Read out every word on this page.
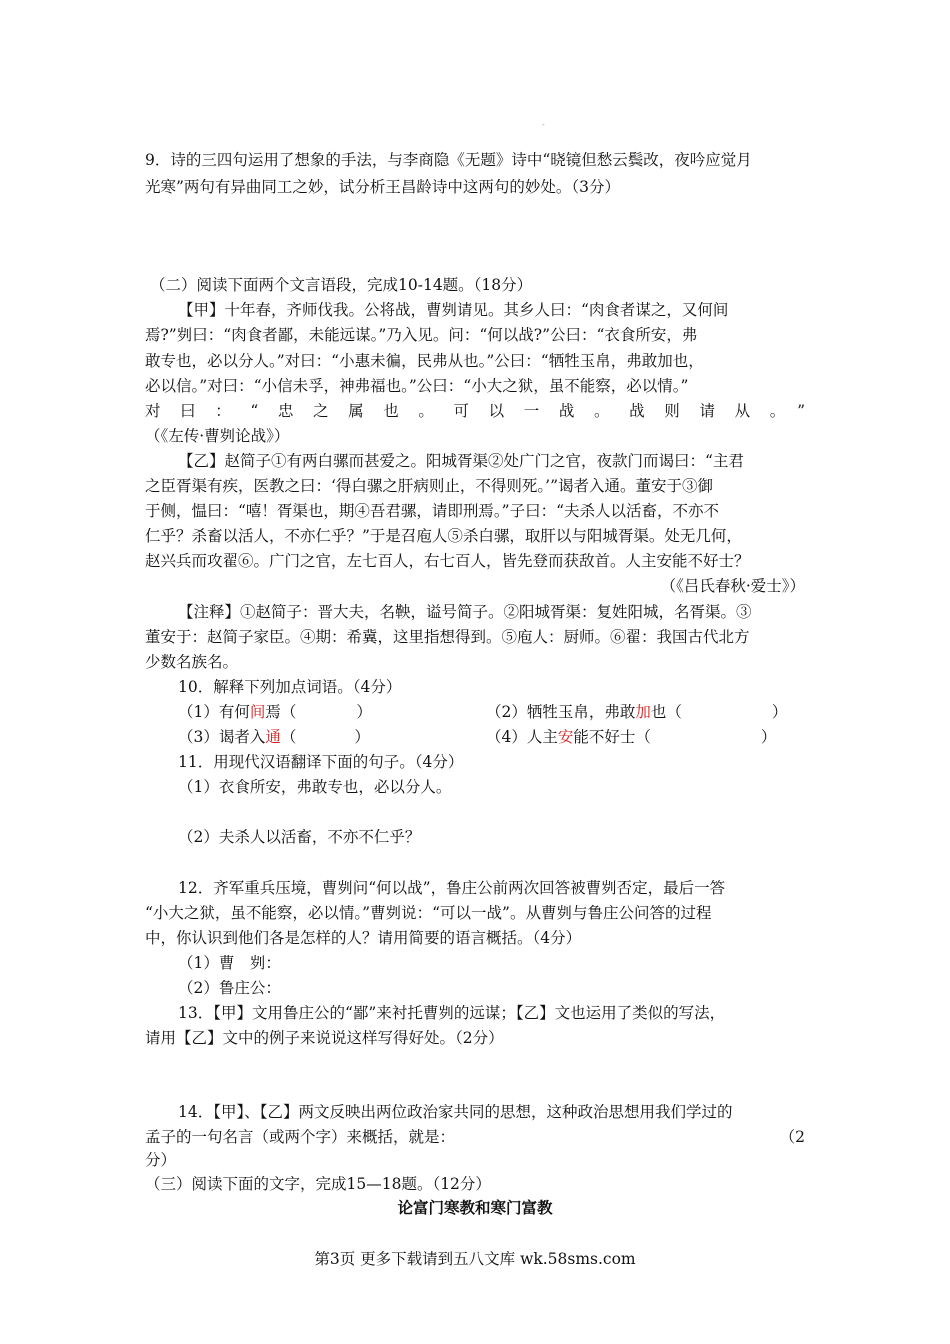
-
9．诗的三四句运用了想象的手法，与李商隐《无题》诗中“晓镜但愁云鬓改，夜吟应觉月
光寒”两句有异曲同工之妙，试分析王昌龄诗中这两句的妙处。（3分）
（二）阅读下面两个文言语段，完成10-14题。（18分）
【甲】十年春，齐师伐我。公将战，曹刿请见。其乡人曰：“肉食者谋之，又何间
焉?”刿曰：“肉食者鄙，未能远谋。”乃入见。问：“何以战?”公曰：“衣食所安，弗
敢专也，必以分人。”对曰：“小惠未徧，民弗从也。”公曰：“牺牲玉帛，弗敢加也，
必以信。”对曰：“小信未孚，神弗福也。”公曰：“小大之狱，虽不能察，必以情。”
对曰：“忠之属也。可以一战。战则请从。”
（《左传·曹刿论战》）
【乙】赵简子①有两白骡而甚爱之。阳城胥渠②处广门之官，夜款门而谒曰：“主君
之臣胥渠有疾，医教之曰：‘得白骡之肝病则止，不得则死。’”谒者入通。董安于③御
于侧，愠曰：“嘻！胥渠也，期④吾君骡，请即刑焉。”子曰：“夫杀人以活畜，不亦不
仁乎？杀畜以活人，不亦仁乎？”于是召庖人⑤杀白骡，取肝以与阳城胥渠。处无几何，
赵兴兵而攻翟⑥。广门之官，左七百人，右七百人，皆先登而获敌首。人主安能不好士？
（《吕氏春秋·爱士》）
【注释】①赵简子：晋大夫，名鞅，谥号简子。②阳城胥渠：复姓阳城，名胥渠。③
董安于：赵简子家臣。④期：希冀，这里指想得到。⑤庖人：厨师。⑥翟：我国古代北方
少数名族名。
10．解释下列加点词语。（4分）
（1）有何间焉（	）	（2）牺牲玉帛，弗敢加也（	）
（3）谒者入通（	）	（4）人主安能不好士（	）
11．用现代汉语翻译下面的句子。（4分）
（1）衣食所安，弗敢专也，必以分人。
（2）夫杀人以活畜，不亦不仁乎？
12．齐军重兵压境，曹刿问“何以战”，鲁庄公前两次回答被曹刿否定，最后一答
“小大之狱，虽不能察，必以情。”曹刿说：“可以一战”。从曹刿与鲁庄公问答的过程
中，你认识到他们各是怎样的人？请用简要的语言概括。（4分）
（1）曹　刿：
（2）鲁庄公：
13．【甲】文用鲁庄公的“鄙”来衬托曹刿的远谋；【乙】文也运用了类似的写法，
请用【乙】文中的例子来说说这样写得好处。（2分）
14．【甲】、【乙】两文反映出两位政治家共同的思想，这种政治思想用我们学过的
孟子的一句名言（或两个字）来概括，就是：	（2
分）
（三）阅读下面的文字，完成15—18题。（12分）
论富门寒教和寒门富教
第3页 更多下载请到五八文库 wk.58sms.com
